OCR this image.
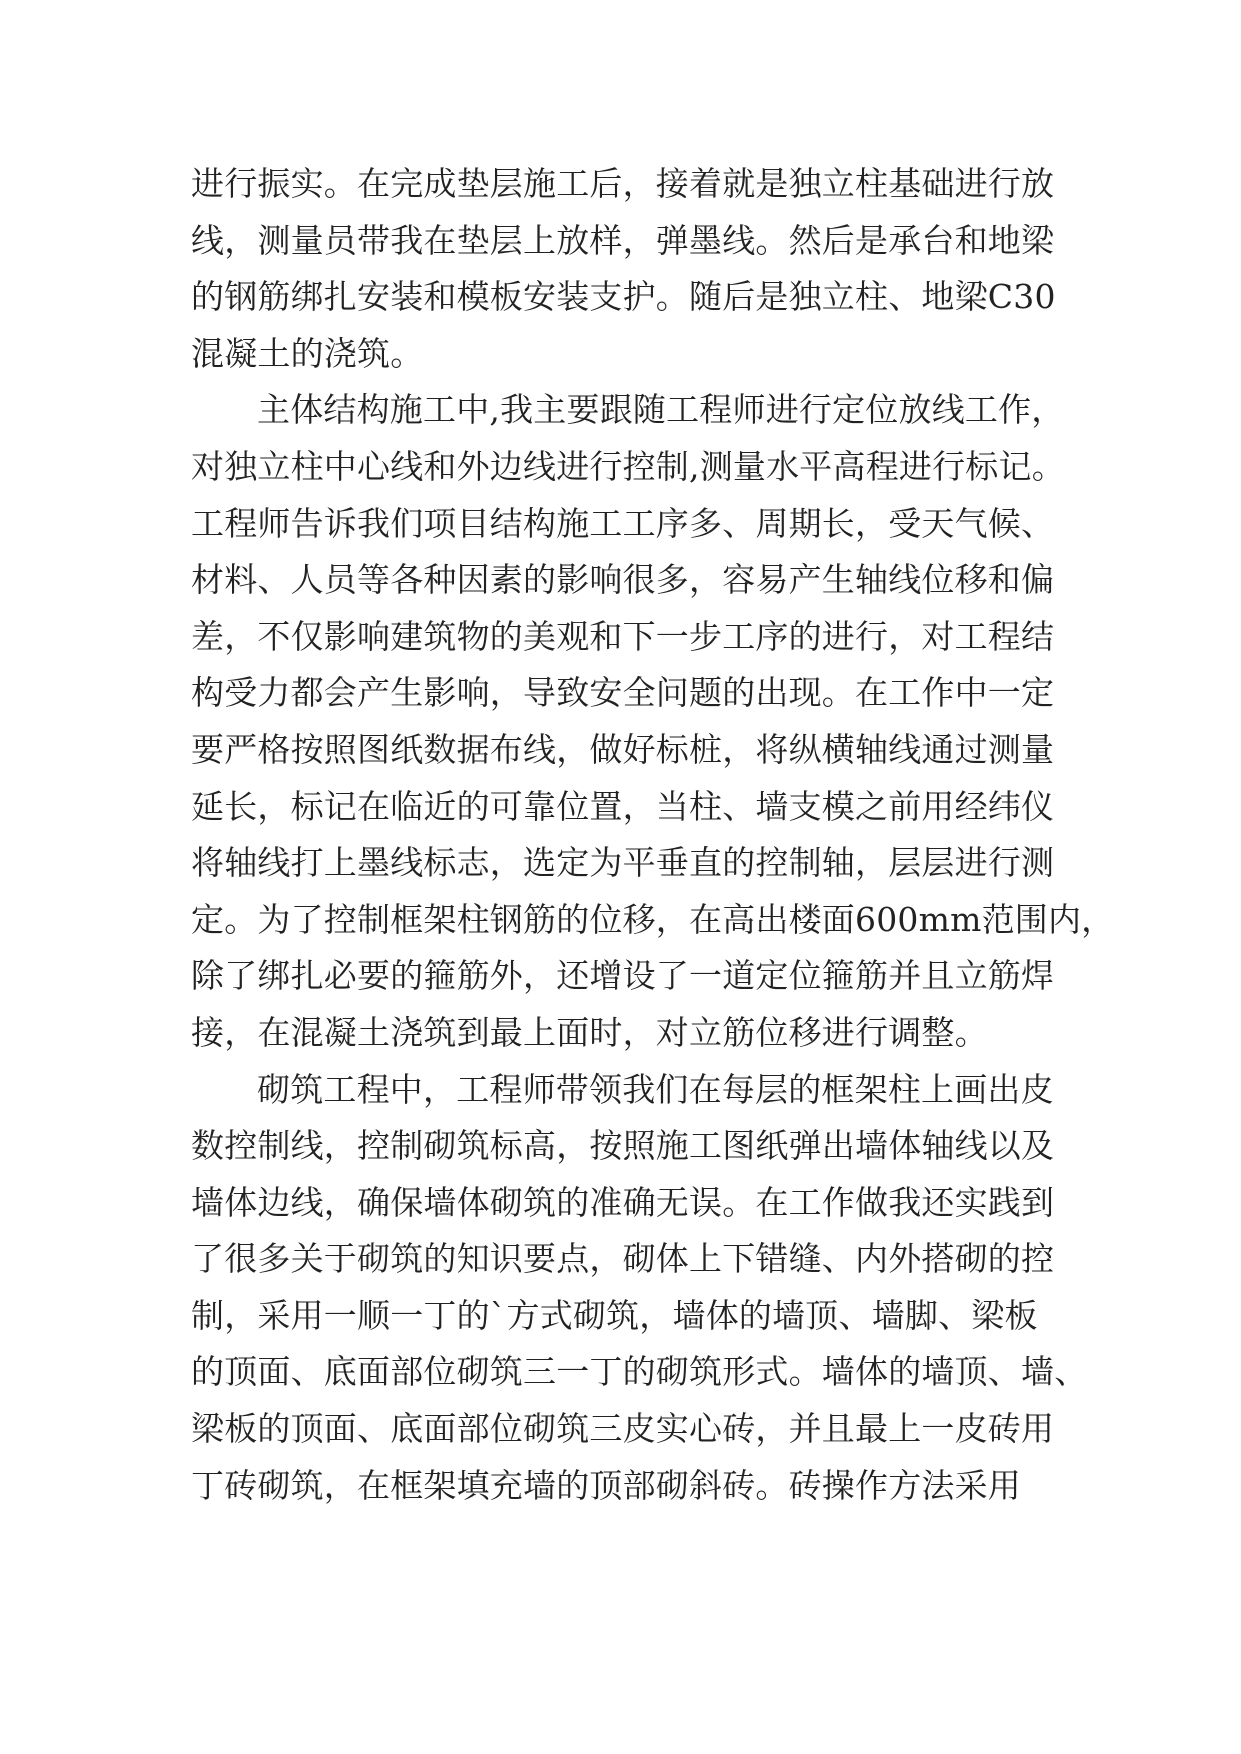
进行振实。在完成垫层施工后，接着就是独立柱基础进行放
线，测量员带我在垫层上放样，弹墨线。然后是承台和地梁
的钢筋绑扎安装和模板安装支护。随后是独立柱、地梁C30
混凝土的浇筑。
主体结构施工中,我主要跟随工程师进行定位放线工作，
对独立柱中心线和外边线进行控制,测量水平高程进行标记。
工程师告诉我们项目结构施工工序多、周期长，受天气候、
材料、人员等各种因素的影响很多，容易产生轴线位移和偏
差，不仅影响建筑物的美观和下一步工序的进行，对工程结
构受力都会产生影响，导致安全问题的出现。在工作中一定
要严格按照图纸数据布线，做好标桩，将纵横轴线通过测量
延长，标记在临近的可靠位置，当柱、墙支模之前用经纬仪
将轴线打上墨线标志，选定为平垂直的控制轴，层层进行测
定。为了控制框架柱钢筋的位移，在高出楼面600mm范围内，
除了绑扎必要的箍筋外，还增设了一道定位箍筋并且立筋焊
接，在混凝土浇筑到最上面时，对立筋位移进行调整。
砌筑工程中，工程师带领我们在每层的框架柱上画出皮
数控制线，控制砌筑标高，按照施工图纸弹出墙体轴线以及
墙体边线，确保墙体砌筑的准确无误。在工作做我还实践到
了很多关于砌筑的知识要点，砌体上下错缝、内外搭砌的控
制，采用一顺一丁的`方式砌筑，墙体的墙顶、墙脚、梁板
的顶面、底面部位砌筑三一丁的砌筑形式。墙体的墙顶、墙、
梁板的顶面、底面部位砌筑三皮实心砖，并且最上一皮砖用
丁砖砌筑，在框架填充墙的顶部砌斜砖。砖操作方法采用
